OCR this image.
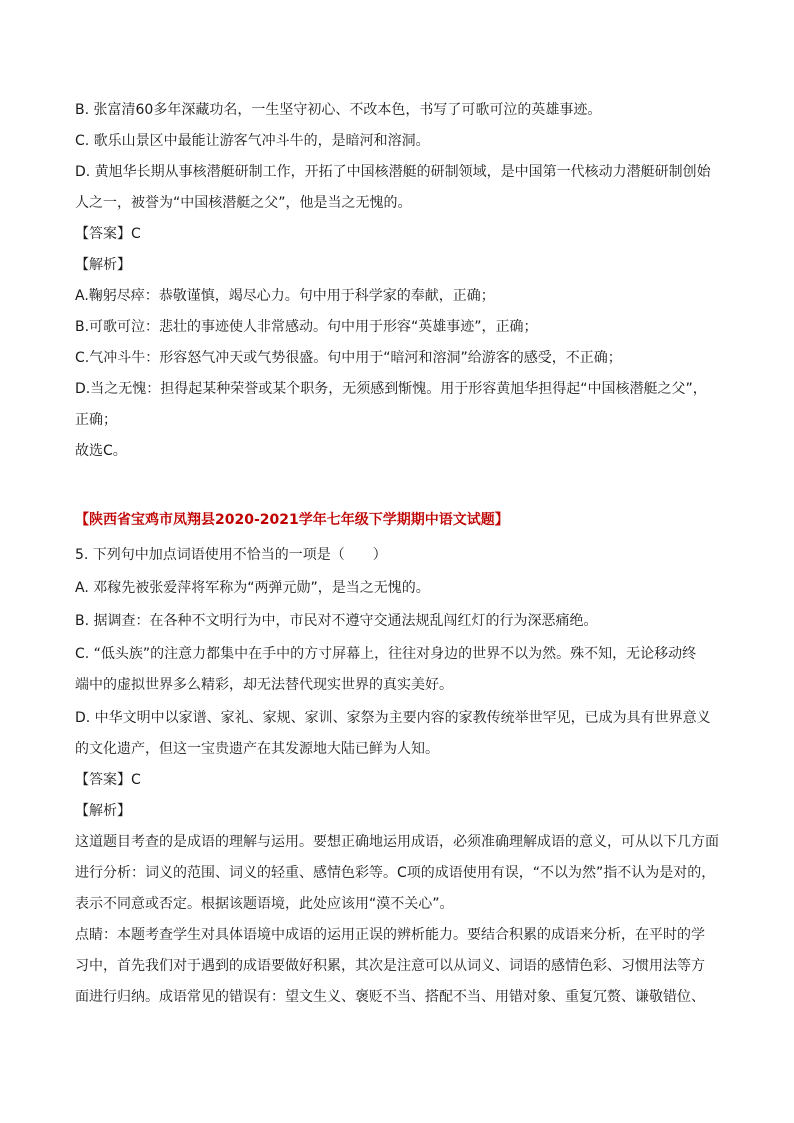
B. 张富清60多年深藏功名，一生坚守初心、不改本色，书写了可歌可泣的英雄事迹。
C. 歌乐山景区中最能让游客气冲斗牛的，是暗河和溶洞。
D. 黄旭华长期从事核潜艇研制工作，开拓了中国核潜艇的研制领域，是中国第一代核动力潜艇研制创始
人之一，被誉为“中国核潜艇之父”，他是当之无愧的。
【答案】C
【解析】
A.鞠躬尽瘁：恭敬谨慎，竭尽心力。句中用于科学家的奉献，正确；
B.可歌可泣：悲壮的事迹使人非常感动。句中用于形容“英雄事迹”，正确；
C.气冲斗牛：形容怒气冲天或气势很盛。句中用于“暗河和溶洞”给游客的感受，不正确；
D.当之无愧：担得起某种荣誉或某个职务，无须感到惭愧。用于形容黄旭华担得起“中国核潜艇之父”，
正确；
故选C。
【陕西省宝鸡市凤翔县2020-2021学年七年级下学期期中语文试题】
5. 下列句中加点词语使用不恰当的一项是（　　）
A. 邓稼先被张爱萍将军称为“两弹元勋”，是当之无愧的。
B. 据调查：在各种不文明行为中，市民对不遵守交通法规乱闯红灯的行为深恶痛绝。
C. “低头族”的注意力都集中在手中的方寸屏幕上，往往对身边的世界不以为然。殊不知，无论移动终
端中的虚拟世界多么精彩，却无法替代现实世界的真实美好。
D. 中华文明中以家谱、家礼、家规、家训、家祭为主要内容的家教传统举世罕见，已成为具有世界意义
的文化遗产，但这一宝贵遗产在其发源地大陆已鲜为人知。
【答案】C
【解析】
这道题目考查的是成语的理解与运用。要想正确地运用成语，必须准确理解成语的意义，可从以下几方面
进行分析：词义的范围、词义的轻重、感情色彩等。C项的成语使用有误，“不以为然”指不认为是对的，
表示不同意或否定。根据该题语境，此处应该用“漠不关心”。
点睛：本题考查学生对具体语境中成语的运用正误的辨析能力。要结合积累的成语来分析，在平时的学
习中，首先我们对于遇到的成语要做好积累，其次是注意可以从词义、词语的感情色彩、习惯用法等方
面进行归纳。成语常见的错误有：望文生义、褒贬不当、搭配不当、用错对象、重复冗赘、谦敬错位、
